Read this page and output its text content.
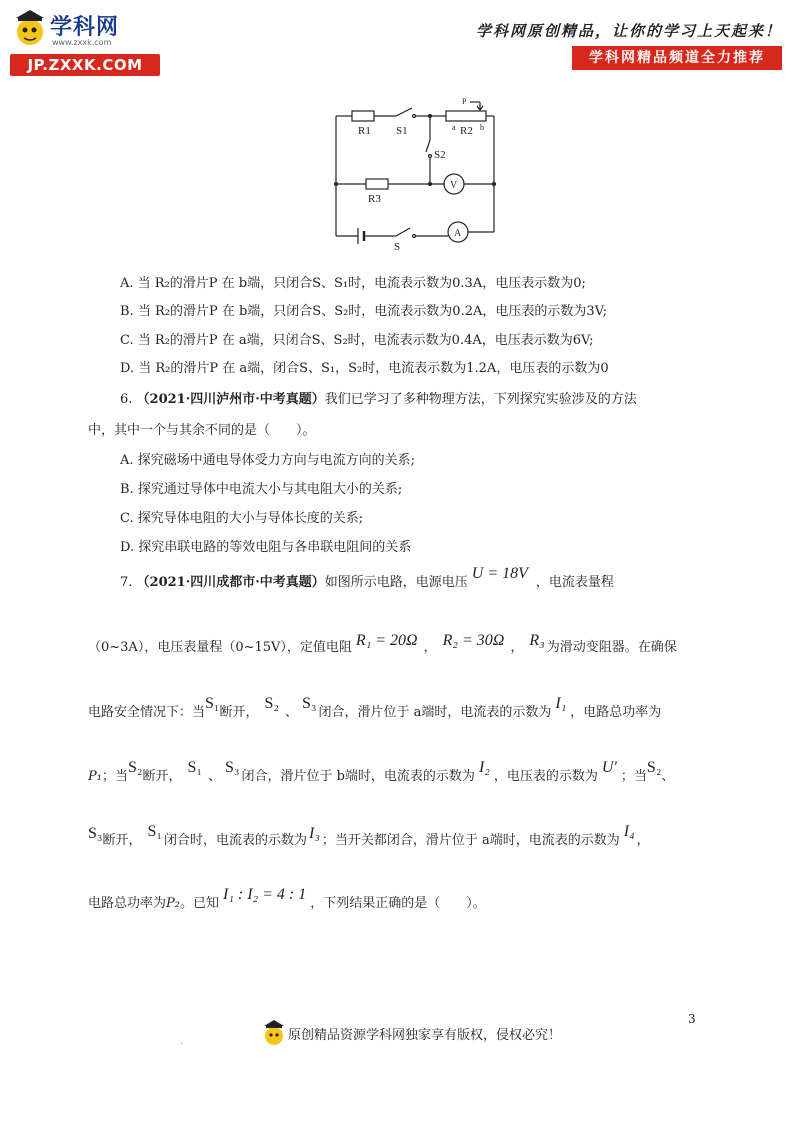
学科网
www.zxxk.com
JP.ZXXK.COM
学科网原创精品，让你的学习上天起来！
学科网精品频道全力推荐
R1 S1
S2
R2
P
a	b
R3
V
A
S
A. 当 R₂的滑片P 在 b端，只闭合S、S₁时，电流表示数为0.3A，电压表示数为0;
B. 当 R₂的滑片P 在 b端，只闭合S、S₂时，电流表示数为0.2A，电压表的示数为3V;
C. 当 R₂的滑片P 在 a端，只闭合S、S₂时，电流表示数为0.4A，电压表示数为6V;
D. 当 R₂的滑片P 在 a端，闭合S、S₁，S₂时，电流表示数为1.2A，电压表的示数为0
6. （2021·四川泸州市·中考真题）我们已学习了多种物理方法，下列探究实验涉及的方法
中，其中一个与其余不同的是（　　）。
A. 探究磁场中通电导体受力方向与电流方向的关系;
B. 探究通过导体中电流大小与其电阻大小的关系;
C. 探究导体电阻的大小与导体长度的关系;
D. 探究串联电路的等效电阻与各串联电阻间的关系
7. （2021·四川成都市·中考真题）如图所示电路，电源电压U = 18V，电流表量程
（0~3A），电压表量程（0~15V），定值电阻 R₁ = 20Ω ， R₂ = 30Ω ， R₃ 为滑动变阻器。在确保
电路安全情况下：当S₁断开，S₂、S₃闭合，滑片位于 a端时，电流表的示数为I₁，电路总功率为
P₁；当S₂断开，S₁、S₃闭合，滑片位于 b端时，电流表的示数为I₂，电压表的示数为U′；当S₂、
S₃断开，S₁闭合时，电流表的示数为 I₃ ；当开关都闭合，滑片位于 a端时，电流表的示数为I₄，
电路总功率为P₂。已知I₁ : I₂ = 4 : 1，下列结果正确的是（　　）。
3
.	原创精品资源学科网独家享有版权，侵权必究！
